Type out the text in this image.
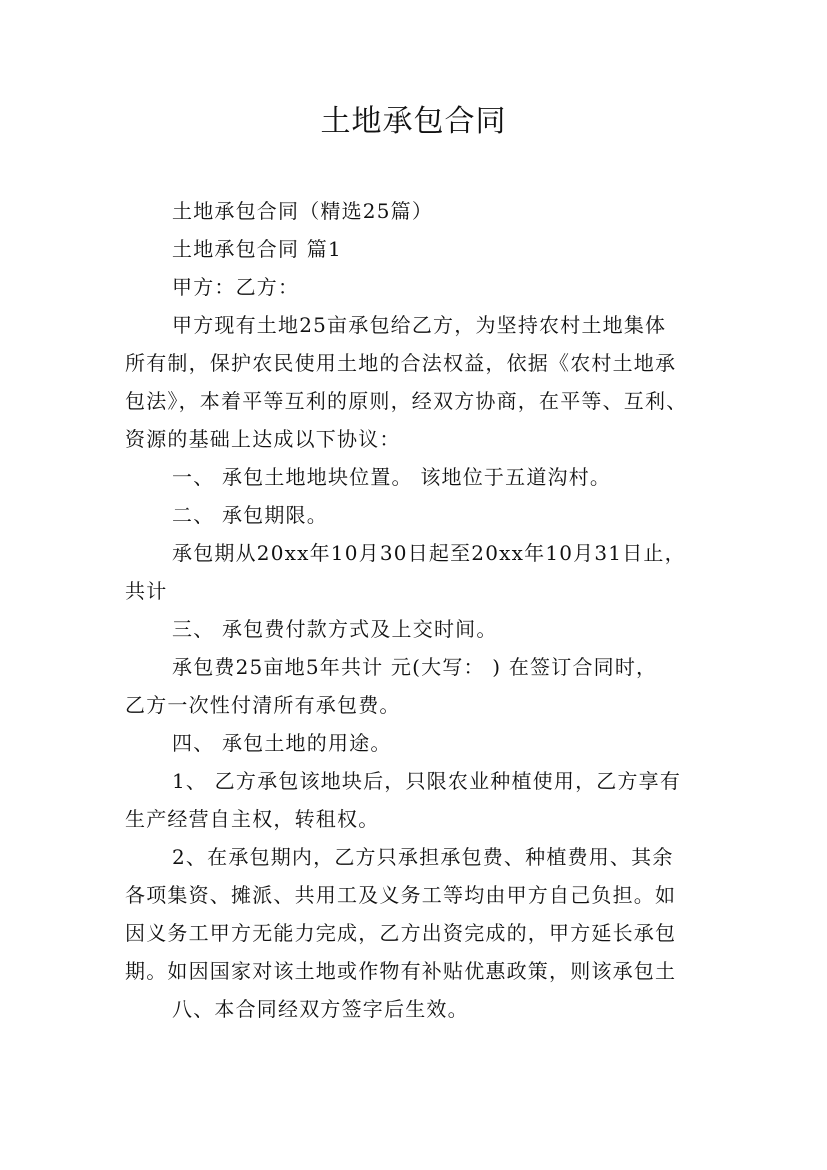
土地承包合同

土地承包合同（精选25篇）

土地承包合同 篇1

甲方：乙方：

甲方现有土地25亩承包给乙方，为坚持农村土地集体

所有制，保护农民使用土地的合法权益，依据《农村土地承

包法》，本着平等互利的原则，经双方协商，在平等、互利、

资源的基础上达成以下协议：

一、 承包土地地块位置。 该地位于五道沟村。

二、 承包期限。

承包期从20xx年10月30日起至20xx年10月31日止，

共计

三、 承包费付款方式及上交时间。

承包费25亩地5年共计 元(大写： ) 在签订合同时，

乙方一次性付清所有承包费。

四、 承包土地的用途。

1、 乙方承包该地块后，只限农业种植使用，乙方享有

生产经营自主权，转租权。

2、在承包期内，乙方只承担承包费、种植费用、其余

各项集资、摊派、共用工及义务工等均由甲方自己负担。如

因义务工甲方无能力完成，乙方出资完成的，甲方延长承包

期。如因国家对该土地或作物有补贴优惠政策，则该承包土

八、本合同经双方签字后生效。
